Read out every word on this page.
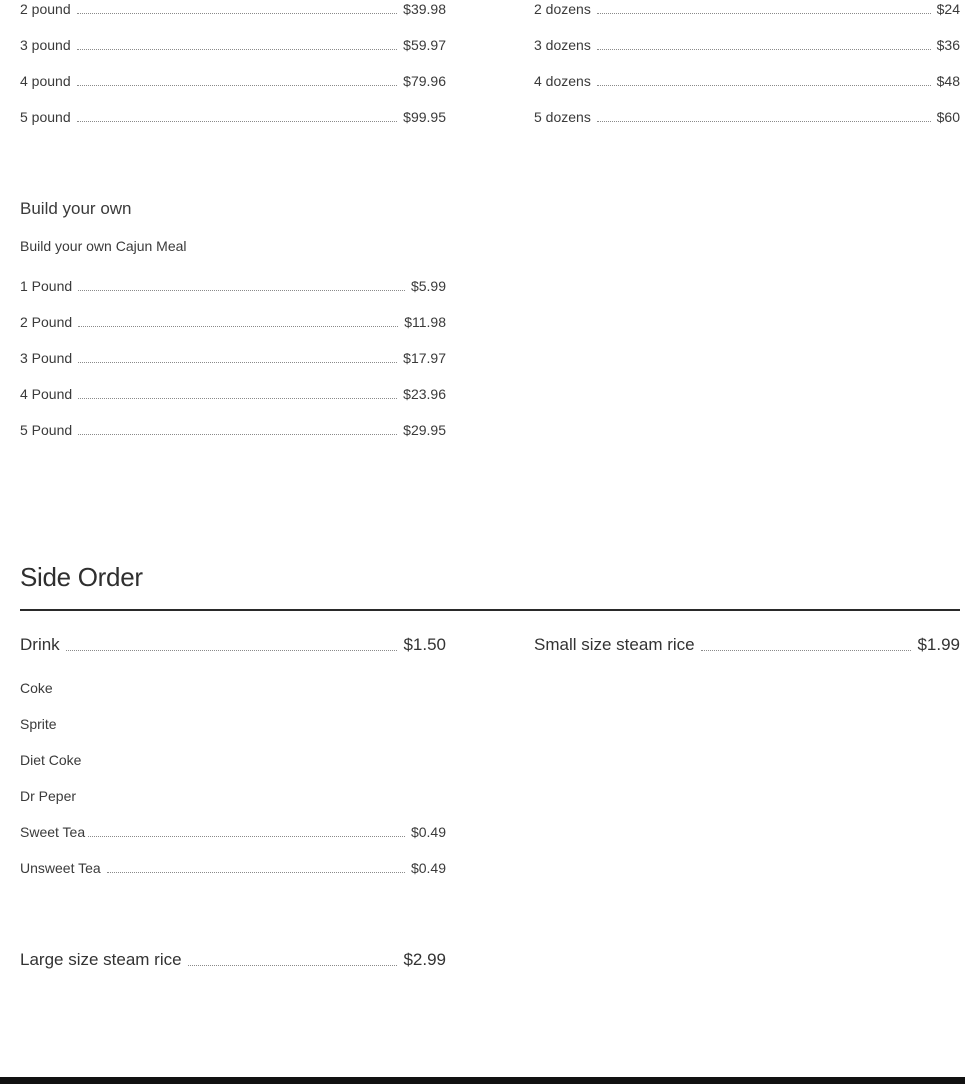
2 pound	$39.98
3 pound	$59.97
4 pound	$79.96
5 pound	$99.95
2 dozens	$24
3 dozens	$36
4 dozens	$48
5 dozens	$60
Build your own
Build your own Cajun Meal
1 Pound	$5.99
2 Pound	$11.98
3 Pound	$17.97
4 Pound	$23.96
5 Pound	$29.95
Side Order
Drink	$1.50	Small size steam rice	$1.99
Coke
Sprite
Diet Coke
Dr Peper
Sweet Tea	$0.49
Unsweet Tea	$0.49
Large size steam rice	$2.99
